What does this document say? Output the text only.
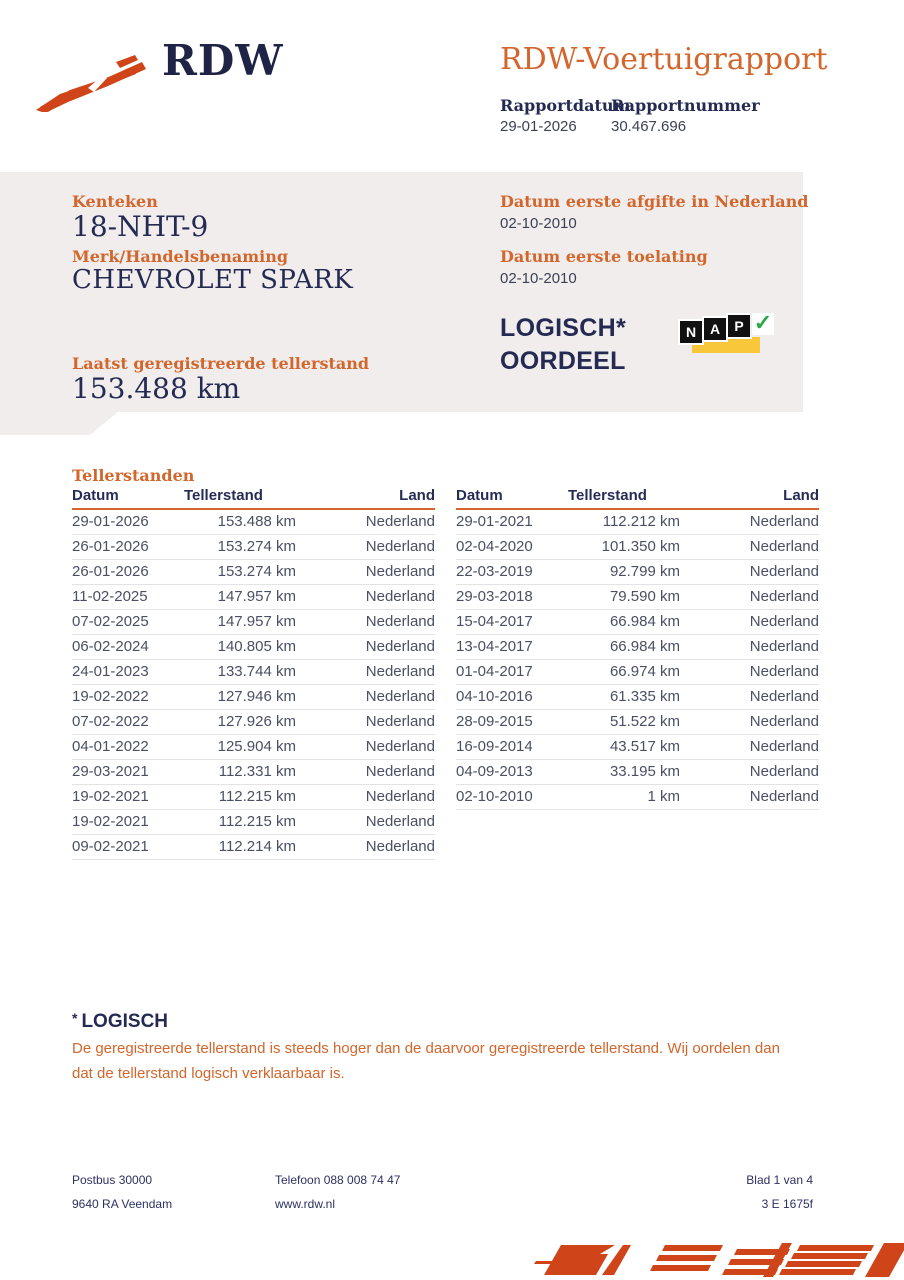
RDW	RDW-Voertuigrapport
Rapportdatum
Rapportnummer
29-01-2026 30.467.696
Kenteken
18-NHT-9
Merk/Handelsbenaming
CHEVROLET SPARK
Datum eerste afgifte in Nederland
02-10-2010
Datum eerste toelating
02-10-2010
LOGISCH*
OORDEEL
N A	P ✓
Laatst geregistreerde tellerstand
153.488 km
Tellerstanden
Datum	Tellerstand	Land
29-01-2026	153.488 km	Nederland
26-01-2026	153.274 km	Nederland
26-01-2026	153.274 km	Nederland
11-02-2025	147.957 km	Nederland
07-02-2025	147.957 km	Nederland
06-02-2024	140.805 km	Nederland
24-01-2023	133.744 km	Nederland
19-02-2022	127.946 km	Nederland
07-02-2022	127.926 km	Nederland
04-01-2022	125.904 km	Nederland
29-03-2021	112.331 km	Nederland
19-02-2021	112.215 km	Nederland
19-02-2021	112.215 km	Nederland
09-02-2021	112.214 km	Nederland
Datum	Tellerstand	Land
29-01-2021	112.212 km	Nederland
02-04-2020	101.350 km	Nederland
22-03-2019	92.799 km	Nederland
29-03-2018	79.590 km	Nederland
15-04-2017	66.984 km	Nederland
13-04-2017	66.984 km	Nederland
01-04-2017	66.974 km	Nederland
04-10-2016	61.335 km	Nederland
28-09-2015	51.522 km	Nederland
16-09-2014	43.517 km	Nederland
04-09-2013	33.195 km	Nederland
02-10-2010	1 km	Nederland
* LOGISCH
De geregistreerde tellerstand is steeds hoger dan de daarvoor geregistreerde tellerstand. Wij oordelen dan dat de tellerstand logisch verklaarbaar is.
Postbus 30000
9640 RA Veendam
Telefoon 088 008 74 47
www.rdw.nl
Blad 1 van 4
3 E 1675f
